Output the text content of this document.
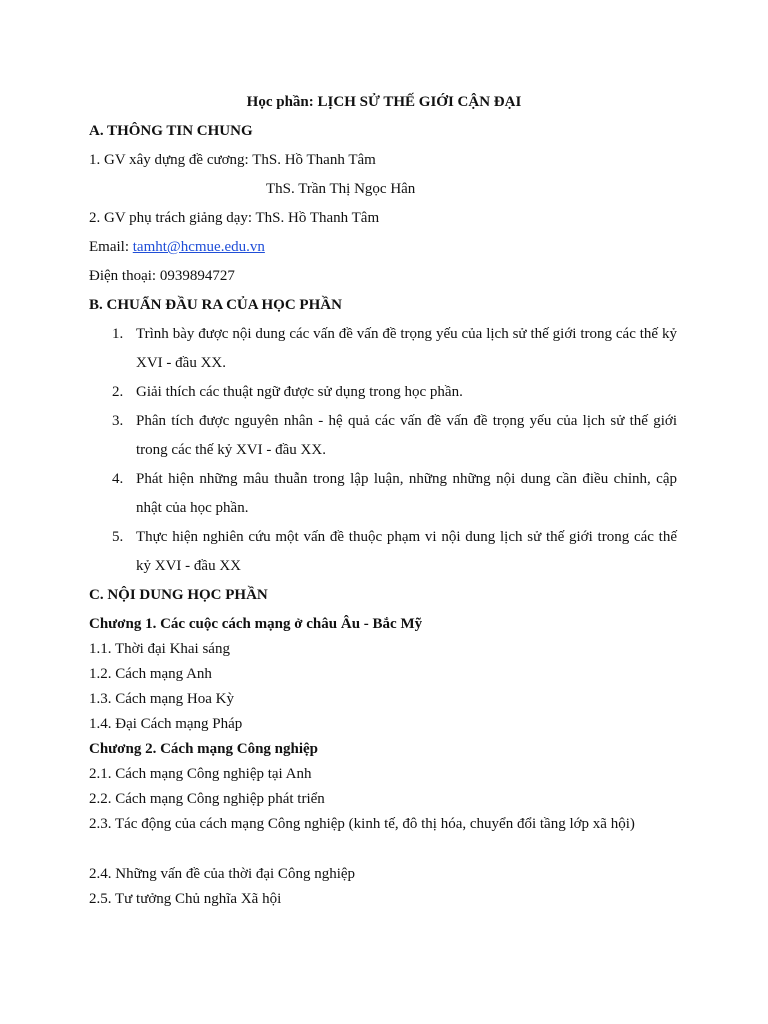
Học phần: LỊCH SỬ THẾ GIỚI CẬN ĐẠI
A. THÔNG TIN CHUNG
1. GV xây dựng đề cương: ThS. Hồ Thanh Tâm
ThS. Trần Thị Ngọc Hân
2. GV phụ trách giảng dạy: ThS. Hồ Thanh Tâm
Email: tamht@hcmue.edu.vn
Điện thoại: 0939894727
B. CHUẨN ĐẦU RA CỦA HỌC PHẦN
1. Trình bày được nội dung các vấn đề vấn đề trọng yếu của lịch sử thế giới trong các thế kỷ XVI - đầu XX.
2. Giải thích các thuật ngữ được sử dụng trong học phần.
3. Phân tích được nguyên nhân - hệ quả các vấn đề vấn đề trọng yếu của lịch sử thế giới trong các thế kỷ XVI - đầu XX.
4. Phát hiện những mâu thuẫn trong lập luận, những những nội dung cần điều chỉnh, cập nhật của học phần.
5. Thực hiện nghiên cứu một vấn đề thuộc phạm vi nội dung lịch sử thế giới trong các thế kỷ XVI - đầu XX
C. NỘI DUNG HỌC PHẦN
Chương 1. Các cuộc cách mạng ở châu Âu - Bắc Mỹ
1.1. Thời đại Khai sáng
1.2. Cách mạng Anh
1.3. Cách mạng Hoa Kỳ
1.4. Đại Cách mạng Pháp
Chương 2. Cách mạng Công nghiệp
2.1. Cách mạng Công nghiệp tại Anh
2.2. Cách mạng Công nghiệp phát triển
2.3. Tác động của cách mạng Công nghiệp (kinh tế, đô thị hóa, chuyển đổi tầng lớp xã hội)
2.4. Những vấn đề của thời đại Công nghiệp
2.5. Tư tưởng Chủ nghĩa Xã hội
